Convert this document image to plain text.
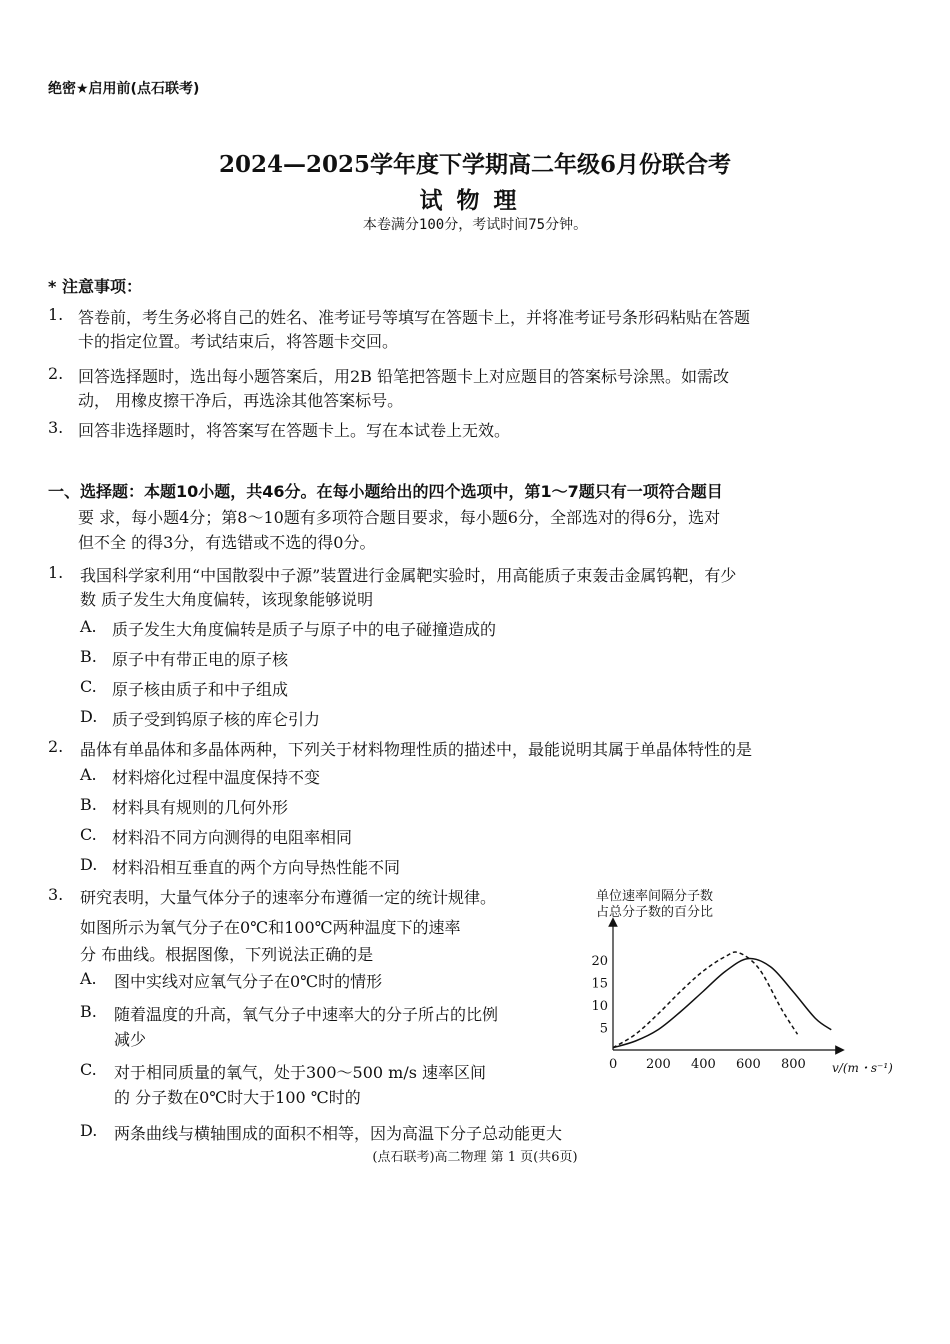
绝密★启用前(点石联考)
2024—2025学年度下学期高二年级6月份联合考
试物理
本卷满分100分，考试时间75分钟。
* 注意事项：
1. 答卷前，考生务必将自己的姓名、准考证号等填写在答题卡上，并将准考证号条形码粘贴在答题
卡的指定位置。考试结束后，将答题卡交回。
2. 回答选择题时，选出每小题答案后，用2B 铅笔把答题卡上对应题目的答案标号涂黑。如需改
动， 用橡皮擦干净后，再选涂其他答案标号。
3. 回答非选择题时，将答案写在答题卡上。写在本试卷上无效。
一、选择题：本题10小题，共46分。在每小题给出的四个选项中，第1～7题只有一项符合题目
要 求，每小题4分；第8～10题有多项符合题目要求，每小题6分，全部选对的得6分，选对
但不全 的得3分，有选错或不选的得0分。
1. 我国科学家利用“中国散裂中子源”装置进行金属靶实验时，用高能质子束轰击金属钨靶，有少
数 质子发生大角度偏转，该现象能够说明
A. 质子发生大角度偏转是质子与原子中的电子碰撞造成的
B. 原子中有带正电的原子核
C. 原子核由质子和中子组成
D. 质子受到钨原子核的库仑引力
2. 晶体有单晶体和多晶体两种，下列关于材料物理性质的描述中，最能说明其属于单晶体特性的是
A. 材料熔化过程中温度保持不变
B. 材料具有规则的几何外形
C. 材料沿不同方向测得的电阻率相同
D. 材料沿相互垂直的两个方向导热性能不同
3. 研究表明，大量气体分子的速率分布遵循一定的统计规律。
如图所示为氧气分子在0℃和100℃两种温度下的速率
分 布曲线。根据图像，下列说法正确的是
A. 图中实线对应氧气分子在0℃时的情形
B. 随着温度的升高，氧气分子中速率大的分子所占的比例
减少
C. 对于相同质量的氧气，处于300～500 m/s 速率区间
的 分子数在0℃时大于100 ℃时的
D. 两条曲线与横轴围成的面积不相等，因为高温下分子总动能更大
单位速率间隔分子数
占总分子数的百分比
v/(m・s⁻¹)
0 200 400 600 800
5
10
15
20
(点石联考)高二物理 第 1 页(共6页)
